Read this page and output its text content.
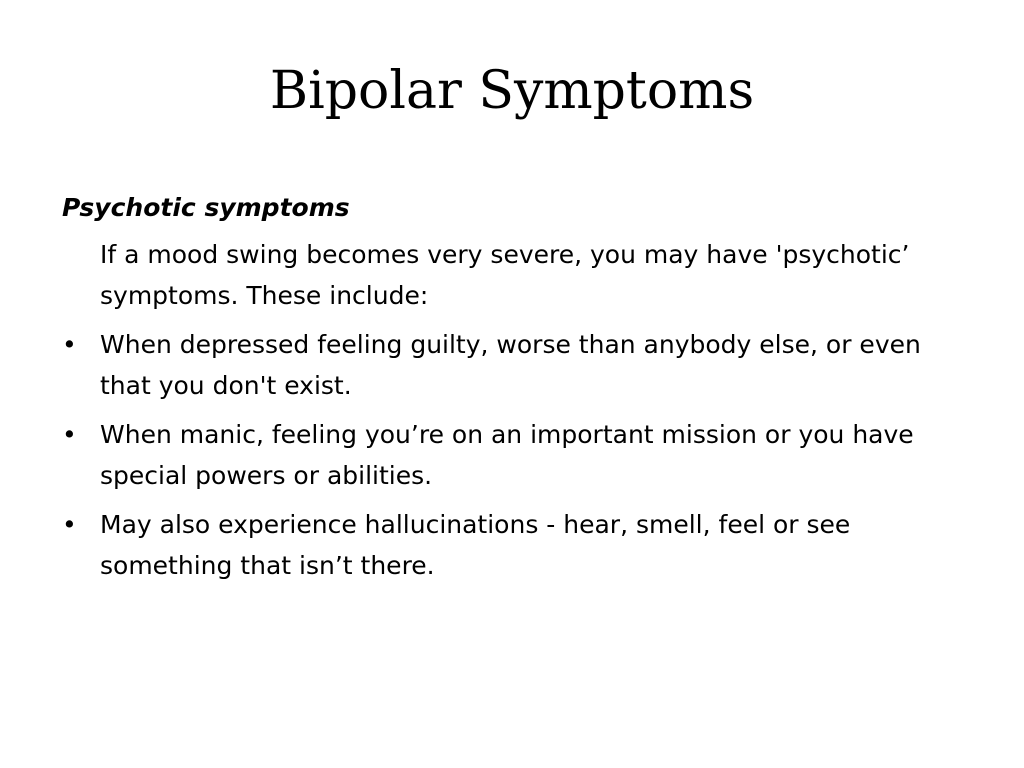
Bipolar Symptoms

Psychotic symptoms

If a mood swing becomes very severe, you may have 'psychotic’ symptoms. These include:

• When depressed feeling guilty, worse than anybody else, or even that you don't exist.
• When manic, feeling you’re on an important mission or you have special powers or abilities.
• May also experience hallucinations - hear, smell, feel or see something that isn’t there.
